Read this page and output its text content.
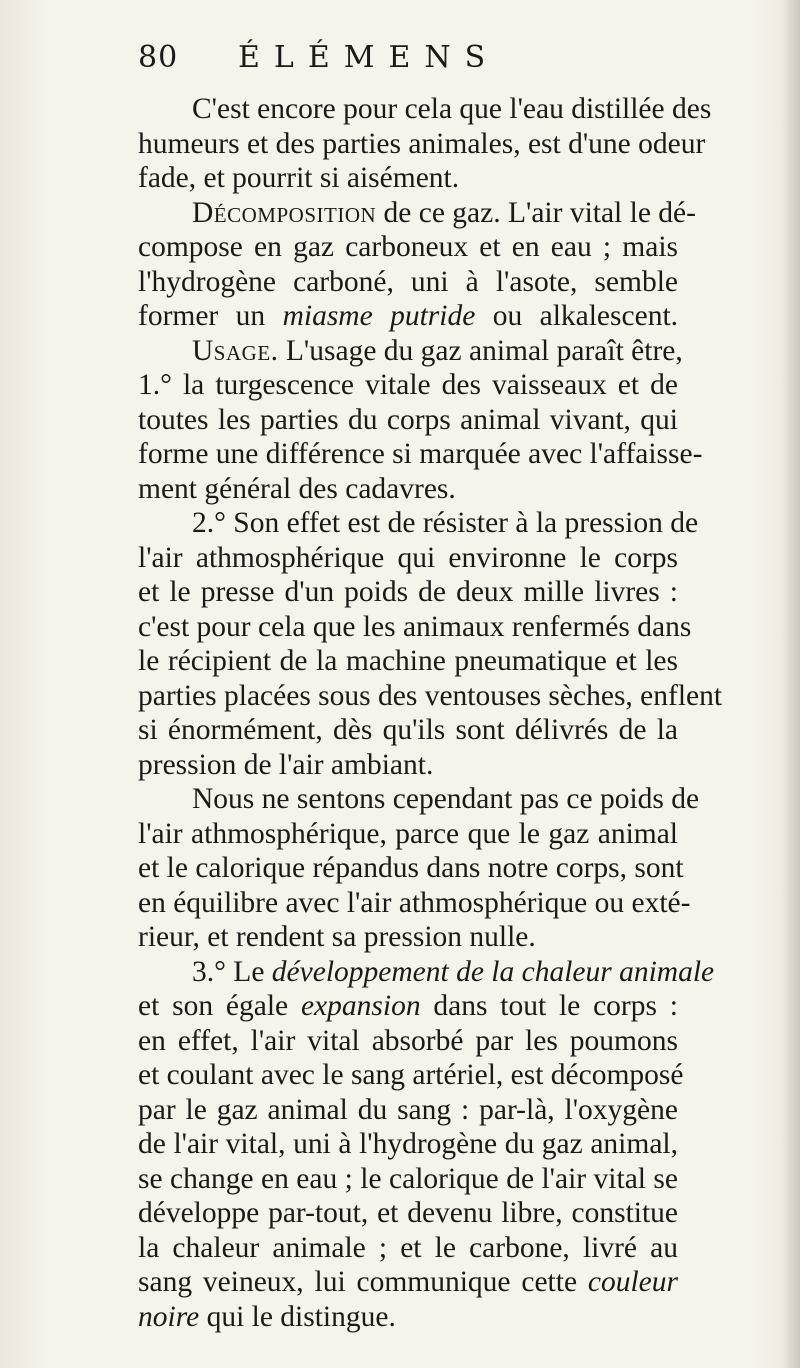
80 ÉLÉMENS
C'est encore pour cela que l'eau distillée des
humeurs et des parties animales, est d'une odeur
fade, et pourrit si aisément.
Décomposition de ce gaz. L'air vital le dé-
compose en gaz carboneux et en eau ; mais
l'hydrogène carboné, uni à l'asote, semble
former un miasme putride ou alkalescent.
Usage. L'usage du gaz animal paraît être,
1.° la turgescence vitale des vaisseaux et de
toutes les parties du corps animal vivant, qui
forme une différence si marquée avec l'affaisse-
ment général des cadavres.
2.° Son effet est de résister à la pression de
l'air athmosphérique qui environne le corps
et le presse d'un poids de deux mille livres :
c'est pour cela que les animaux renfermés dans
le récipient de la machine pneumatique et les
parties placées sous des ventouses sèches, enflent
si énormément, dès qu'ils sont délivrés de la
pression de l'air ambiant.
Nous ne sentons cependant pas ce poids de
l'air athmosphérique, parce que le gaz animal
et le calorique répandus dans notre corps, sont
en équilibre avec l'air athmosphérique ou exté-
rieur, et rendent sa pression nulle.
3.° Le développement de la chaleur animale
et son égale expansion dans tout le corps :
en effet, l'air vital absorbé par les poumons
et coulant avec le sang artériel, est décomposé
par le gaz animal du sang : par-là, l'oxygène
de l'air vital, uni à l'hydrogène du gaz animal,
se change en eau ; le calorique de l'air vital se
développe par-tout, et devenu libre, constitue
la chaleur animale ; et le carbone, livré au
sang veineux, lui communique cette couleur
noire qui le distingue.
